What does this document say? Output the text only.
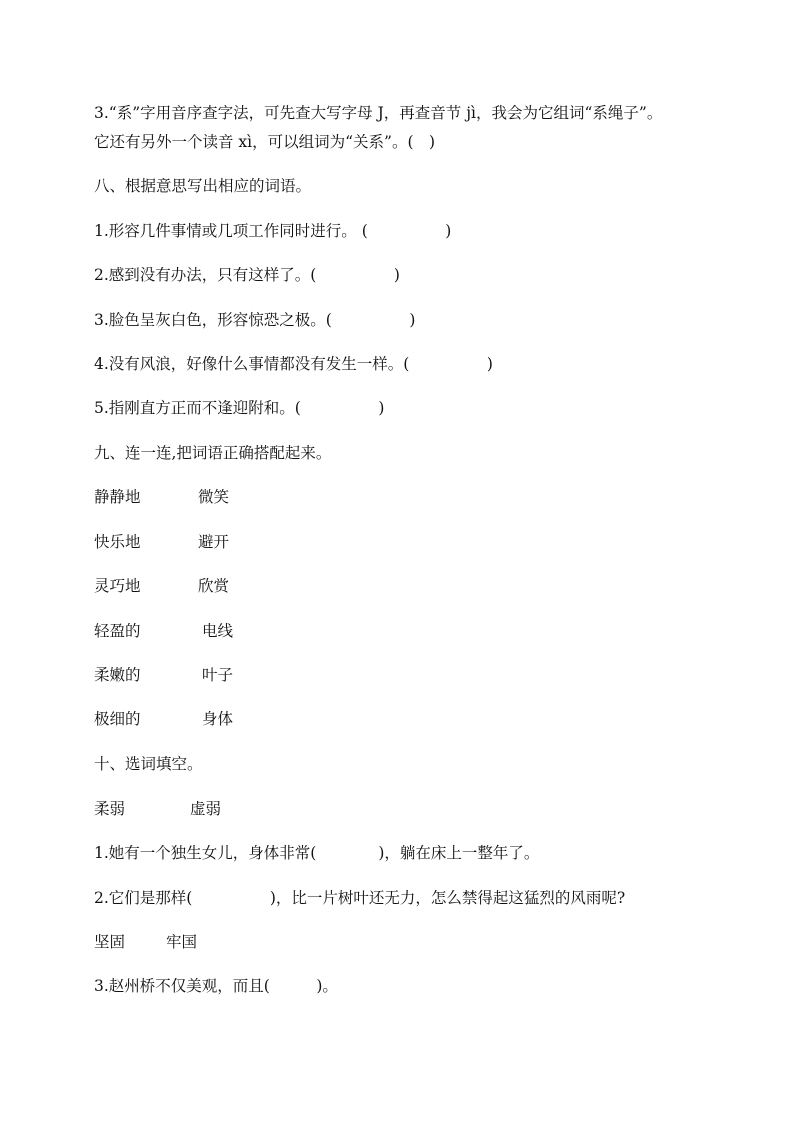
3.“系”字用音序查字法，可先查大写字母 J，再查音节 jì，我会为它组词“系绳子”。
它还有另外一个读音 xì，可以组词为“关系”。(　)
八、根据意思写出相应的词语。
1.形容几件事情或几项工作同时进行。 (　　　　　)
2.感到没有办法，只有这样了。(　　　　　)
3.脸色呈灰白色，形容惊恐之极。(　　　　　)
4.没有风浪，好像什么事情都没有发生一样。(　　　　　)
5.指刚直方正而不逢迎附和。(　　　　　)
九、连一连,把词语正确搭配起来。
静静地	微笑
快乐地	避开
灵巧地	欣赏
轻盈的	电线
柔嫩的	叶子
极细的	身体
十、选词填空。
柔弱	虚弱
1.她有一个独生女儿，身体非常(　　　　)，躺在床上一整年了。
2.它们是那样(　　　　　)，比一片树叶还无力，怎么禁得起这猛烈的风雨呢?
坚固	牢国
3.赵州桥不仅美观，而且(　　　)。
